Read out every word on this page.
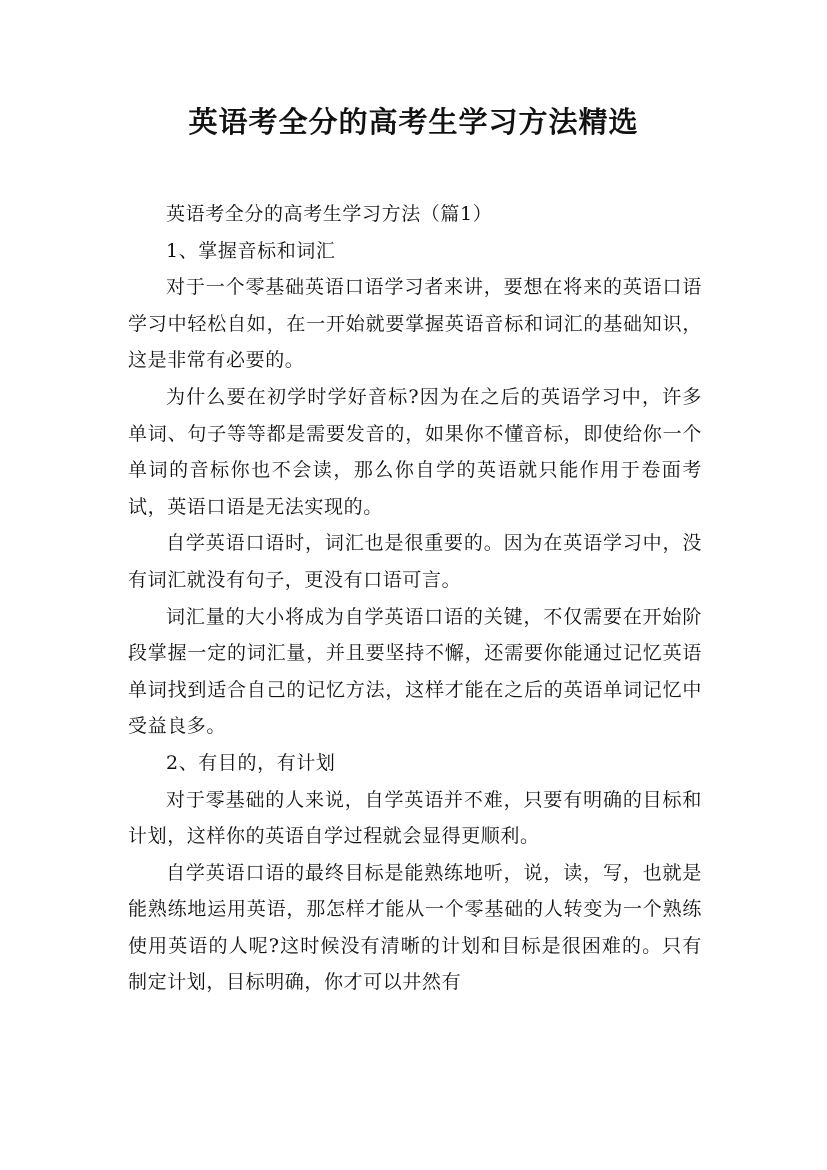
英语考全分的高考生学习方法精选

英语考全分的高考生学习方法（篇1）

1、掌握音标和词汇

对于一个零基础英语口语学习者来讲，要想在将来的英语口语学习中轻松自如，在一开始就要掌握英语音标和词汇的基础知识，这是非常有必要的。

为什么要在初学时学好音标?因为在之后的英语学习中，许多单词、句子等等都是需要发音的，如果你不懂音标，即使给你一个单词的音标你也不会读，那么你自学的英语就只能作用于卷面考试，英语口语是无法实现的。

自学英语口语时，词汇也是很重要的。因为在英语学习中，没有词汇就没有句子，更没有口语可言。

词汇量的大小将成为自学英语口语的关键，不仅需要在开始阶段掌握一定的词汇量，并且要坚持不懈，还需要你能通过记忆英语单词找到适合自己的记忆方法，这样才能在之后的英语单词记忆中受益良多。

2、有目的，有计划

对于零基础的人来说，自学英语并不难，只要有明确的目标和计划，这样你的英语自学过程就会显得更顺利。

自学英语口语的最终目标是能熟练地听，说，读，写，也就是能熟练地运用英语，那怎样才能从一个零基础的人转变为一个熟练使用英语的人呢?这时候没有清晰的计划和目标是很困难的。只有制定计划，目标明确，你才可以井然有
